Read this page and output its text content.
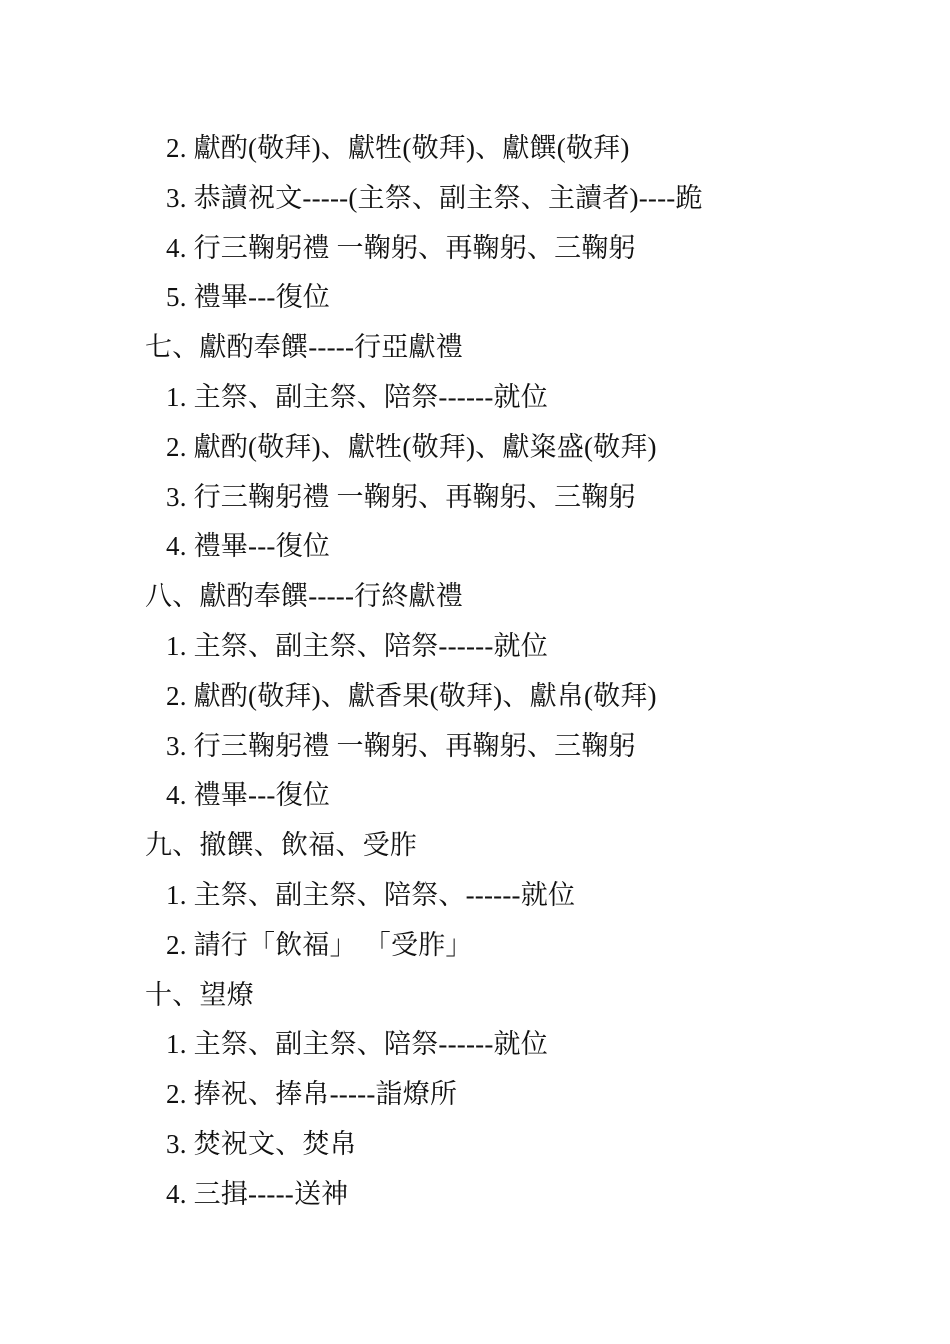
2. 獻酌(敬拜)、獻牲(敬拜)、獻饌(敬拜)
3. 恭讀祝文-----(主祭、副主祭、主讀者)----跪
4. 行三鞠躬禮 一鞠躬、再鞠躬、三鞠躬
5. 禮畢---復位
七、獻酌奉饌-----行亞獻禮
1. 主祭、副主祭、陪祭------就位
2. 獻酌(敬拜)、獻牲(敬拜)、獻粢盛(敬拜)
3. 行三鞠躬禮 一鞠躬、再鞠躬、三鞠躬
4. 禮畢---復位
八、獻酌奉饌-----行終獻禮
1. 主祭、副主祭、陪祭------就位
2. 獻酌(敬拜)、獻香果(敬拜)、獻帛(敬拜)
3. 行三鞠躬禮 一鞠躬、再鞠躬、三鞠躬
4. 禮畢---復位
九、撤饌、飲福、受胙
1. 主祭、副主祭、陪祭、------就位
2. 請行「飲福」 「受胙」
十、望燎
1. 主祭、副主祭、陪祭------就位
2. 捧祝、捧帛-----詣燎所
3. 焚祝文、焚帛
4. 三揖-----送神
